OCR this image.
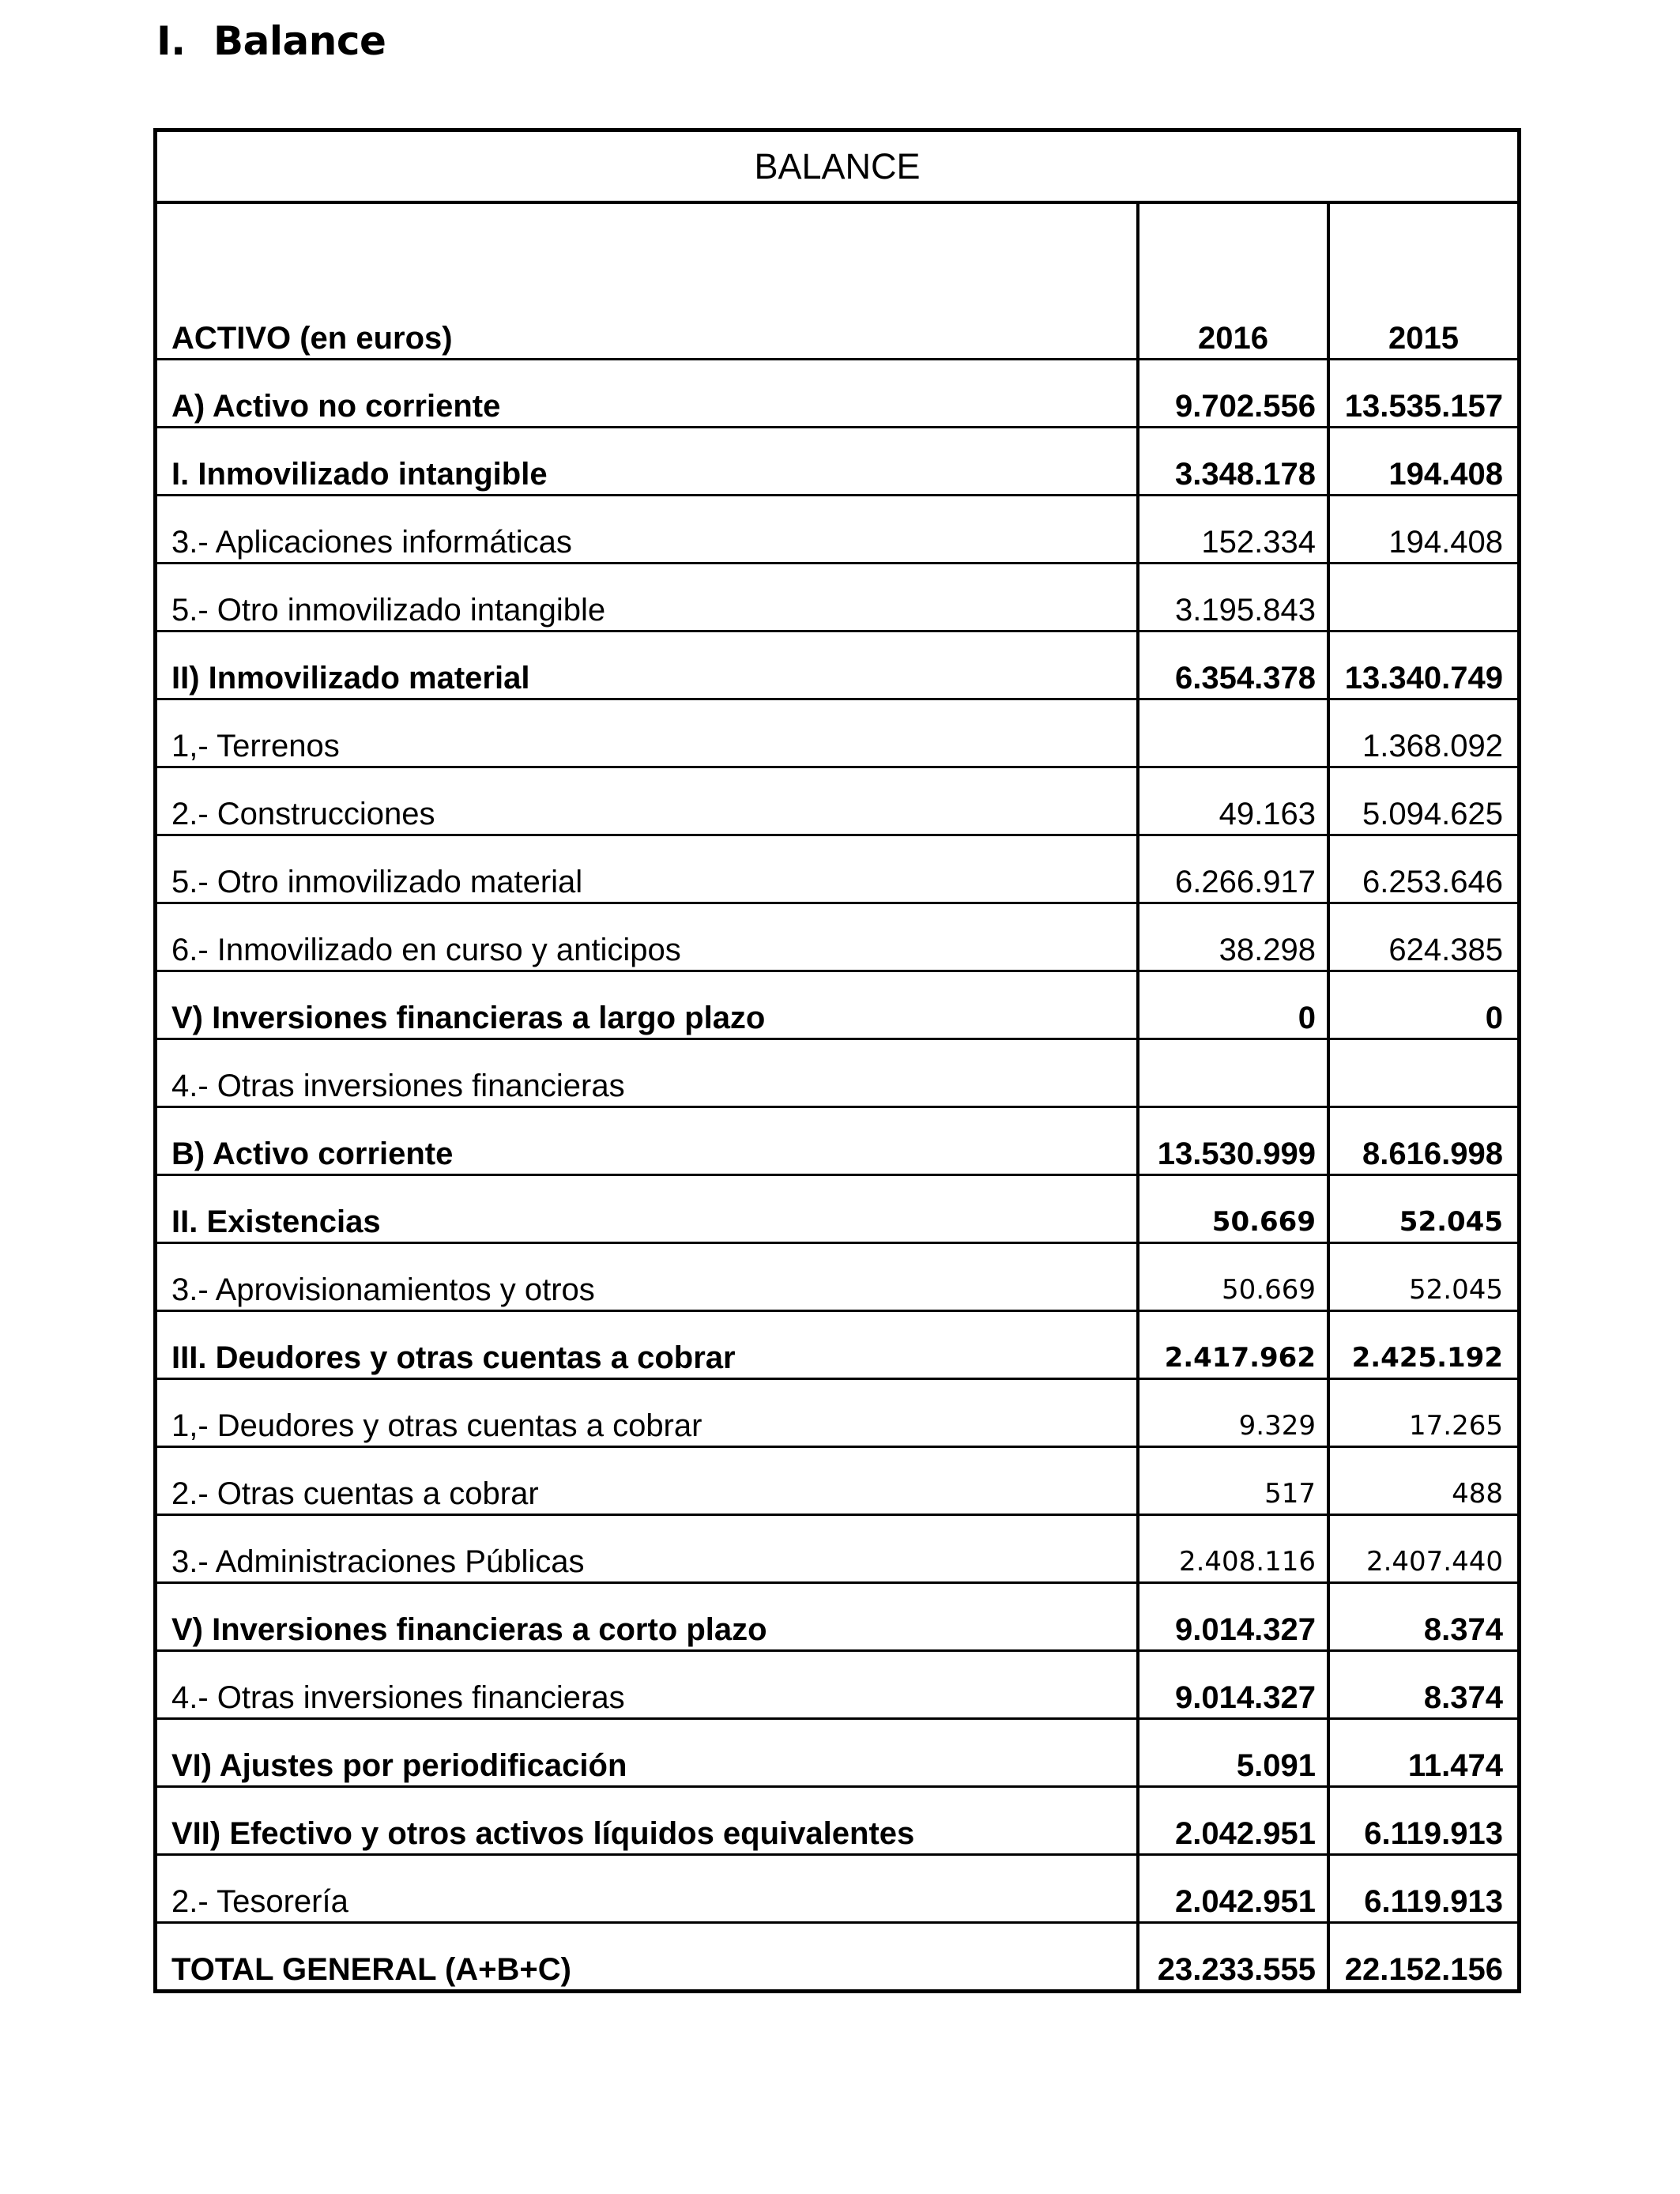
I. Balance
BALANCE
ACTIVO (en euros)	2016	2015
A) Activo no corriente	9.702.556	13.535.157
I. Inmovilizado intangible	3.348.178	194.408
3.- Aplicaciones informáticas	152.334	194.408
5.- Otro inmovilizado intangible	3.195.843	
II) Inmovilizado material	6.354.378	13.340.749
1,- Terrenos		1.368.092
2.- Construcciones	49.163	5.094.625
5.- Otro inmovilizado material	6.266.917	6.253.646
6.- Inmovilizado en curso y anticipos	38.298	624.385
V) Inversiones financieras a largo plazo	0	0
4.- Otras inversiones financieras		
B) Activo corriente	13.530.999	8.616.998
II. Existencias	50.669	52.045
3.- Aprovisionamientos y otros	50.669	52.045
III. Deudores y otras cuentas a cobrar	2.417.962	2.425.192
1,- Deudores y otras cuentas a cobrar	9.329	17.265
2.- Otras cuentas a cobrar	517	488
3.- Administraciones Públicas	2.408.116	2.407.440
V) Inversiones financieras a corto plazo	9.014.327	8.374
4.- Otras inversiones financieras	9.014.327	8.374
VI) Ajustes por periodificación	5.091	11.474
VII) Efectivo y otros activos líquidos equivalentes	2.042.951	6.119.913
2.- Tesorería	2.042.951	6.119.913
TOTAL GENERAL (A+B+C)	23.233.555	22.152.156
